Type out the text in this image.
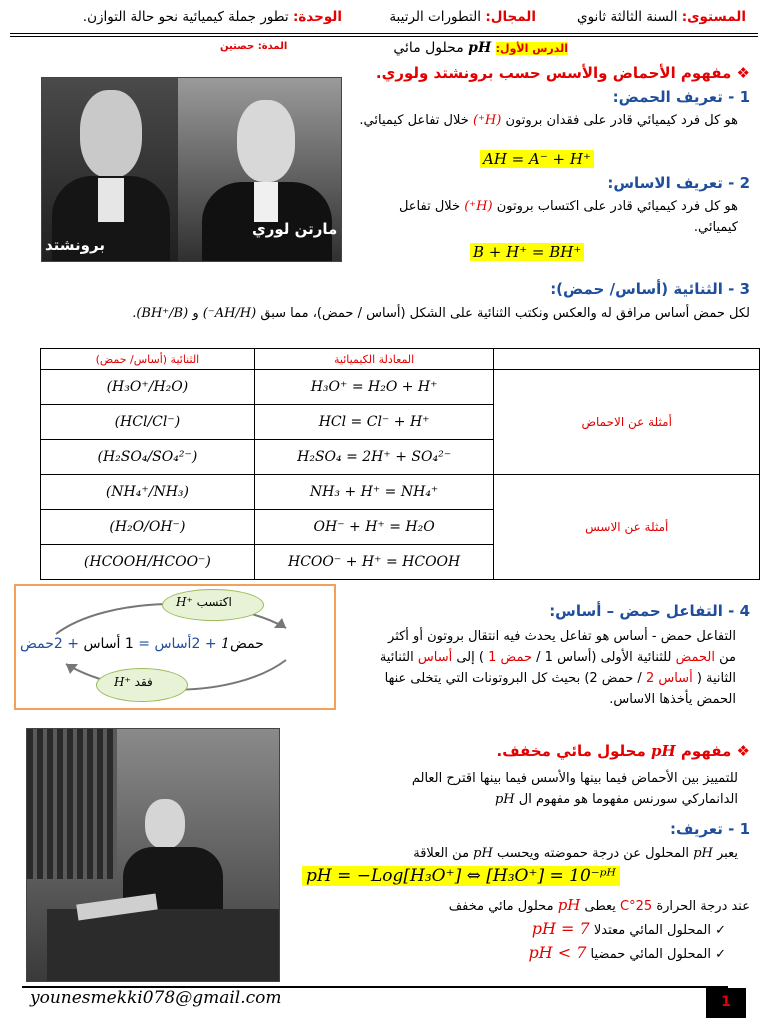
المستوى: السنة الثالثة ثانوي
المجال: التطورات الرتيبة
الوحدة: تطور جملة كيميائية نحو حالة التوازن.
الدرس الأول: pH محلول مائي
المدة: حصتين
❖ مفهوم الأحماض والأسس حسب برونشتد ولوري.
برونشتد
مارتن لوري
1 - تعريف الحمض:
هو كل فرد كيميائي قادر على فقدان بروتون (H⁺) خلال تفاعل كيميائي.
AH = A⁻ + H⁺
2 - تعريف الاساس:
هو كل فرد كيميائي قادر على اكتساب بروتون (H⁺) خلال تفاعل كيميائي.
B + H⁺ = BH⁺
3 - الثنائية (أساس/ حمض):
لكل حمض أساس مرافق له والعكس ونكتب الثنائية على الشكل (أساس / حمض)، مما سبق (AH/H⁻) و (BH⁺/B).
الثنائية (أساس/ حمض)	المعادلة الكيميائية	
(H₃O⁺/H₂O)	H₃O⁺ = H₂O + H⁺	أمثلة عن الاحماض
(HCl/Cl⁻)	HCl = Cl⁻ + H⁺	
(H₂SO₄/SO₄²⁻)	H₂SO₄ = 2H⁺ + SO₄²⁻	
(NH₄⁺/NH₃)	NH₃ + H⁺ = NH₄⁺	أمثلة عن الاسس
(H₂O/OH⁻)	OH⁻ + H⁺ = H₂O	
(HCOOH/HCOO⁻)	HCOO⁻ + H⁺ = HCOOH	
H⁺ اكتسب
H⁺ فقد
حمض1 + 2أساس = 1 أساس + 2حمض
4 - التفاعل حمض – أساس:
التفاعل حمض - أساس هو تفاعل يحدث فيه انتقال بروتون أو أكثر
من الحمض للثنائية الأولى (أساس 1 / حمض 1 ) إلى أساس الثنائية
الثانية ( أساس 2 / حمض 2) بحيث كل البروتونات التي يتخلى عنها
الحمض يأخذها الاساس.
❖ مفهوم pH محلول مائي مخفف.
للتمييز بين الأحماض فيما بينها والأسس فيما بينها اقترح العالم
الدانماركي سورنس مفهوما هو مفهوم ال pH
1 - تعريف:
يعبر pH المحلول عن درجة حموضته ويحسب pH من العلاقة
pH = −Log[H₃O⁺] ⇔ [H₃O⁺] = 10⁻ᵖᴴ
عند درجة الحرارة 25°C يعطى pH محلول مائي مخفف
✓ المحلول المائي معتدلا pH = 7
✓ المحلول المائي حمضيا pH < 7
younesmekki078@gmail.com	1
